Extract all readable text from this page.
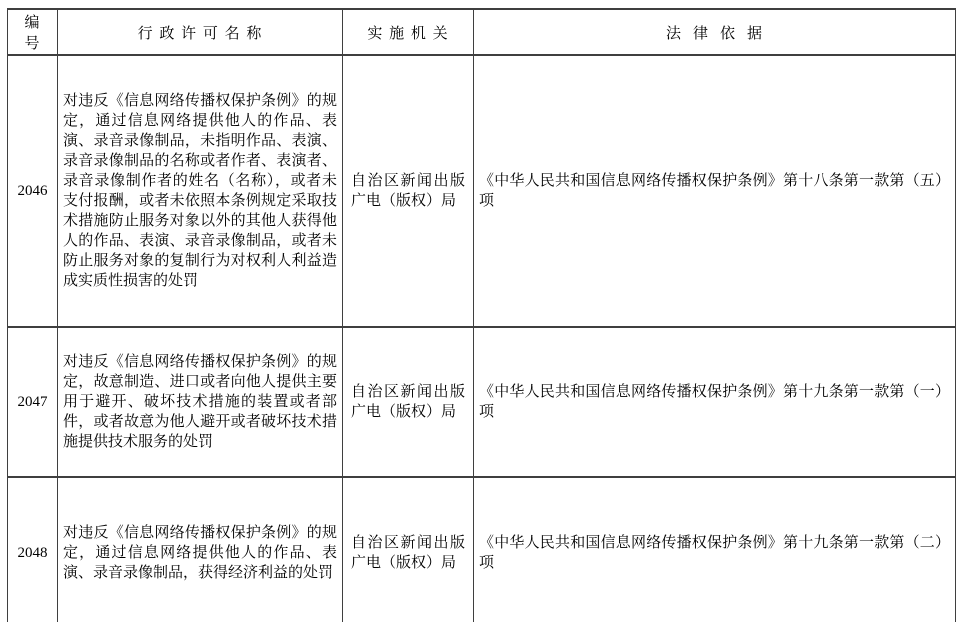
编号	行政许可名称	实施机关	法律依据
2046	对违反《信息网络传播权保护条例》的规定，通过信息网络提供他人的作品、表演、录音录像制品，未指明作品、表演、录音录像制品的名称或者作者、表演者、录音录像制作者的姓名（名称），或者未支付报酬，或者未依照本条例规定采取技术措施防止服务对象以外的其他人获得他人的作品、表演、录音录像制品，或者未防止服务对象的复制行为对权利人利益造成实质性损害的处罚	自治区新闻出版广电（版权）局	《中华人民共和国信息网络传播权保护条例》第十八条第一款第（五）项
2047	对违反《信息网络传播权保护条例》的规定，故意制造、进口或者向他人提供主要用于避开、破坏技术措施的装置或者部件，或者故意为他人避开或者破坏技术措施提供技术服务的处罚	自治区新闻出版广电（版权）局	《中华人民共和国信息网络传播权保护条例》第十九条第一款第（一）项
2048	对违反《信息网络传播权保护条例》的规定，通过信息网络提供他人的作品、表演、录音录像制品，获得经济利益的处罚	自治区新闻出版广电（版权）局	《中华人民共和国信息网络传播权保护条例》第十九条第一款第（二）项
